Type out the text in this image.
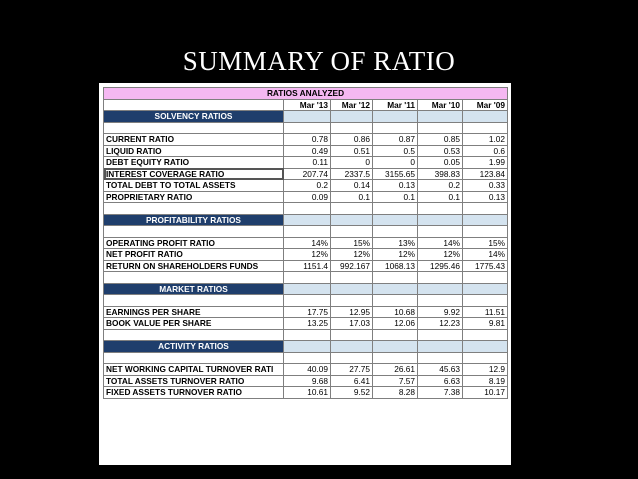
SUMMARY OF RATIO
RATIOS ANALYZED					
	Mar '13	Mar '12	Mar '11	Mar '10	Mar '09
SOLVENCY RATIOS					

CURRENT RATIO	0.78	0.86	0.87	0.85	1.02
LIQUID RATIO	0.49	0.51	0.5	0.53	0.6
DEBT EQUITY RATIO	0.11	0	0	0.05	1.99
INTEREST COVERAGE RATIO	207.74	2337.5	3155.65	398.83	123.84
TOTAL DEBT TO TOTAL ASSETS	0.2	0.14	0.13	0.2	0.33
PROPRIETARY RATIO	0.09	0.1	0.1	0.1	0.13

PROFITABILITY RATIOS					

OPERATING PROFIT RATIO	14%	15%	13%	14%	15%
NET PROFIT RATIO	12%	12%	12%	12%	14%
RETURN ON SHAREHOLDERS FUNDS	1151.4	992.167	1068.13	1295.46	1775.43

MARKET RATIOS					

EARNINGS PER SHARE	17.75	12.95	10.68	9.92	11.51
BOOK VALUE PER SHARE	13.25	17.03	12.06	12.23	9.81

ACTIVITY RATIOS					

NET WORKING CAPITAL TURNOVER RATI	40.09	27.75	26.61	45.63	12.9
TOTAL ASSETS TURNOVER RATIO	9.68	6.41	7.57	6.63	8.19
FIXED ASSETS TURNOVER RATIO	10.61	9.52	8.28	7.38	10.17
